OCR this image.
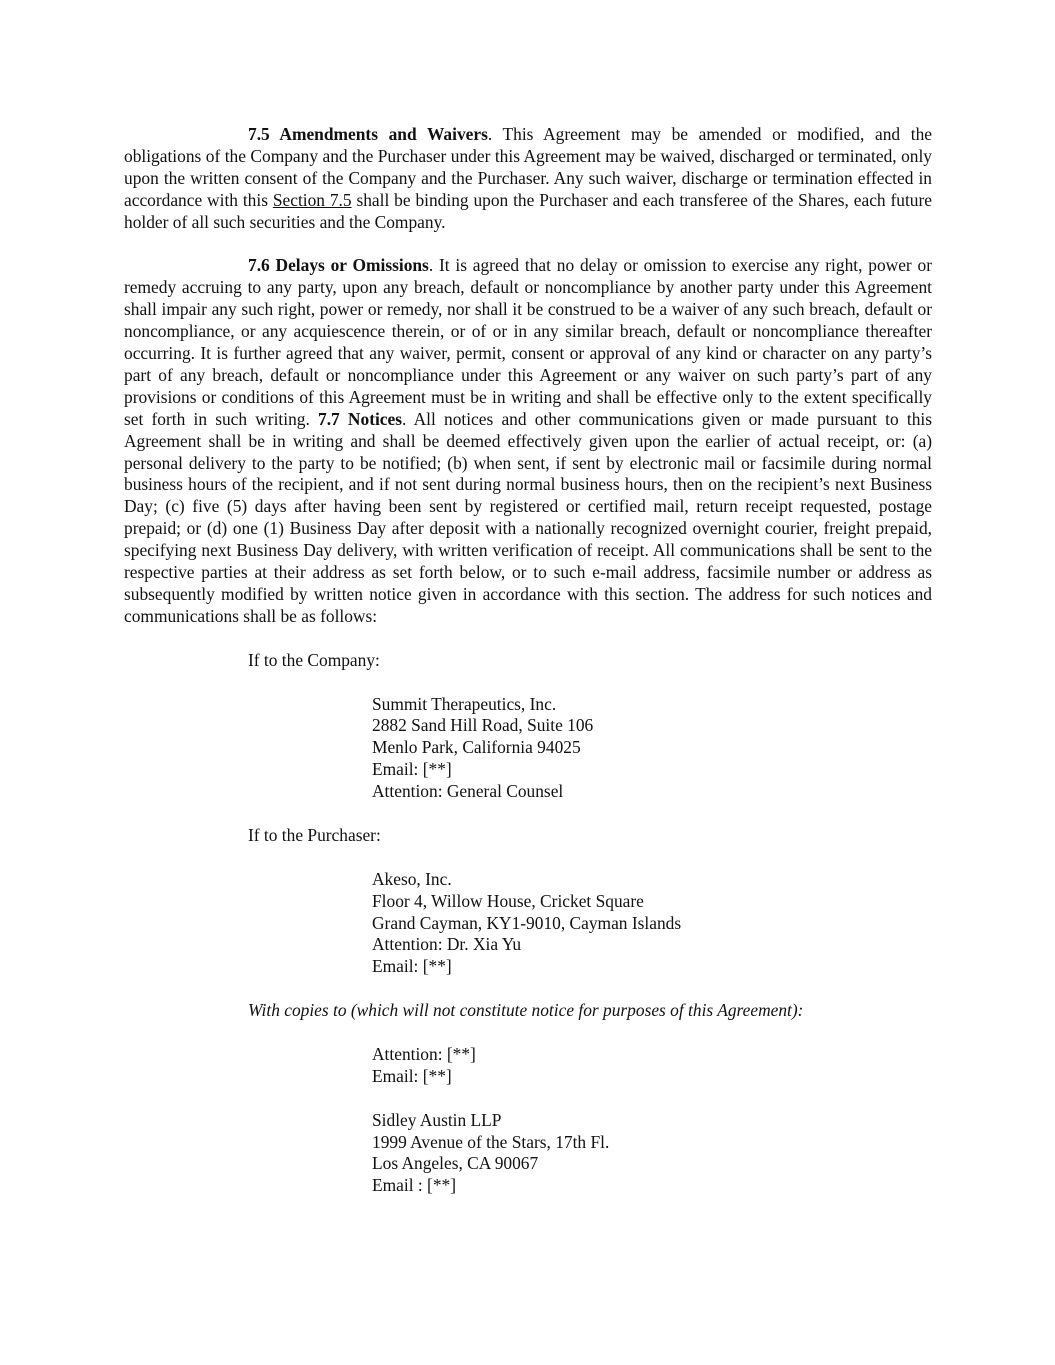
7.5 Amendments and Waivers. This Agreement may be amended or modified, and the obligations of the Company and the Purchaser under this Agreement may be waived, discharged or terminated, only upon the written consent of the Company and the Purchaser. Any such waiver, discharge or termination effected in accordance with this Section 7.5 shall be binding upon the Purchaser and each transferee of the Shares, each future holder of all such securities and the Company.

7.6 Delays or Omissions. It is agreed that no delay or omission to exercise any right, power or remedy accruing to any party, upon any breach, default or noncompliance by another party under this Agreement shall impair any such right, power or remedy, nor shall it be construed to be a waiver of any such breach, default or noncompliance, or any acquiescence therein, or of or in any similar breach, default or noncompliance thereafter occurring. It is further agreed that any waiver, permit, consent or approval of any kind or character on any party’s part of any breach, default or noncompliance under this Agreement or any waiver on such party’s part of any provisions or conditions of this Agreement must be in writing and shall be effective only to the extent specifically set forth in such writing. 7.7 Notices. All notices and other communications given or made pursuant to this Agreement shall be in writing and shall be deemed effectively given upon the earlier of actual receipt, or: (a) personal delivery to the party to be notified; (b) when sent, if sent by electronic mail or facsimile during normal business hours of the recipient, and if not sent during normal business hours, then on the recipient’s next Business Day; (c) five (5) days after having been sent by registered or certified mail, return receipt requested, postage prepaid; or (d) one (1) Business Day after deposit with a nationally recognized overnight courier, freight prepaid, specifying next Business Day delivery, with written verification of receipt. All communications shall be sent to the respective parties at their address as set forth below, or to such e-mail address, facsimile number or address as subsequently modified by written notice given in accordance with this section. The address for such notices and communications shall be as follows:

If to the Company:

Summit Therapeutics, Inc.
2882 Sand Hill Road, Suite 106
Menlo Park, California 94025
Email: [**]
Attention: General Counsel

If to the Purchaser:

Akeso, Inc.
Floor 4, Willow House, Cricket Square
Grand Cayman, KY1-9010, Cayman Islands
Attention: Dr. Xia Yu
Email: [**]

With copies to (which will not constitute notice for purposes of this Agreement):

Attention: [**]
Email: [**]
Sidley Austin LLP
1999 Avenue of the Stars, 17th Fl.
Los Angeles, CA 90067
Email : [**]
